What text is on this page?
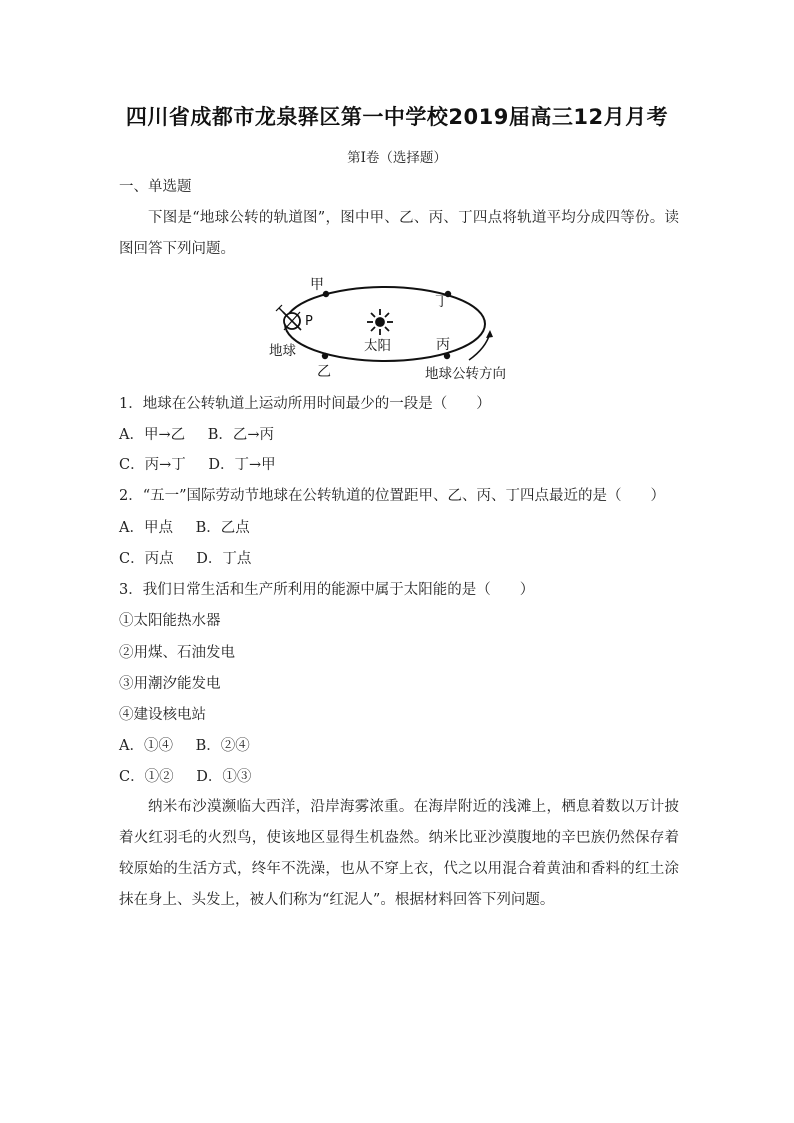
四川省成都市龙泉驿区第一中学校2019届高三12月月考
第Ⅰ卷（选择题）
一、单选题

下图是“地球公转的轨道图”，图中甲、乙、丙、丁四点将轨道平均分成四等份。读图回答下列问题。

甲
丁
丙
乙
P
地球	太阳
地球公转方向
1．地球在公转轨道上运动所用时间最少的一段是（　　）
A．甲→乙 B．乙→丙
C．丙→丁 D．丁→甲
2．“五一”国际劳动节地球在公转轨道的位置距甲、乙、丙、丁四点最近的是（　　）
A．甲点 B．乙点
C．丙点 D．丁点
3．我们日常生活和生产所利用的能源中属于太阳能的是（　　）
①太阳能热水器
②用煤、石油发电
③用潮汐能发电
④建设核电站
A．①④ B．②④
C．①② D．①③

纳米布沙漠濒临大西洋，沿岸海雾浓重。在海岸附近的浅滩上，栖息着数以万计披着火红羽毛的火烈鸟，使该地区显得生机盎然。纳米比亚沙漠腹地的辛巴族仍然保存着较原始的生活方式，终年不洗澡，也从不穿上衣，代之以用混合着黄油和香料的红土涂抹在身上、头发上，被人们称为“红泥人”。根据材料回答下列问题。
